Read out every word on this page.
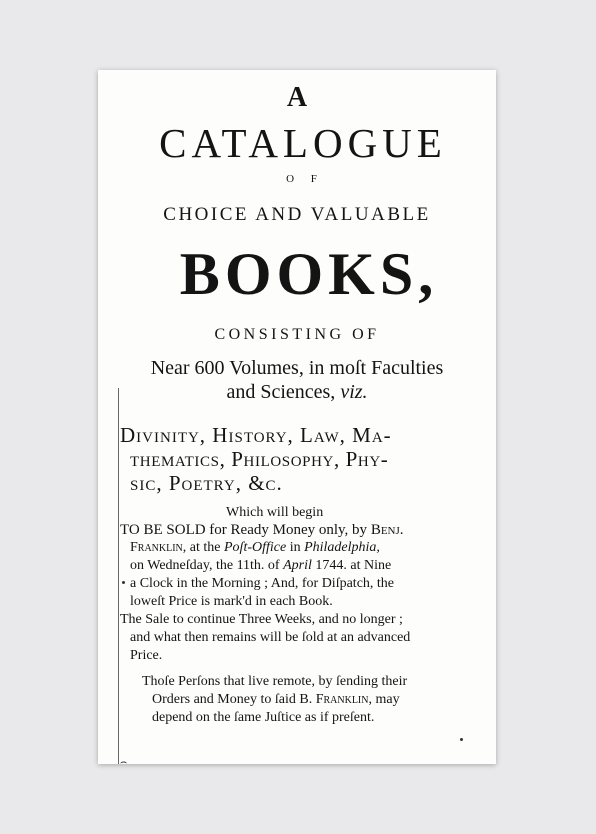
⌢
A
CATALOGUE
O F
CHOICE AND VALUABLE
BOOKS,
CONSISTING OF
Near 600 Volumes, in moſt Faculties
and Sciences, viz.
Divinity, History, Law, Ma-
thematics, Philosophy, Phy-
sic, Poetry, &c.
Which will begin
TO BE SOLD for Ready Money only, by Benj.
Franklin, at the Poſt-Office in Philadelphia,
on Wedneſday, the 11th. of April 1744. at Nine
a Clock in the Morning ; And, for Diſpatch, the
loweſt Price is mark'd in each Book.
The Sale to continue Three Weeks, and no longer ;
and what then remains will be ſold at an advanced
Price.
Thoſe Perſons that live remote, by ſending their
Orders and Money to ſaid B. Franklin, may
depend on the ſame Juſtice as if preſent.
